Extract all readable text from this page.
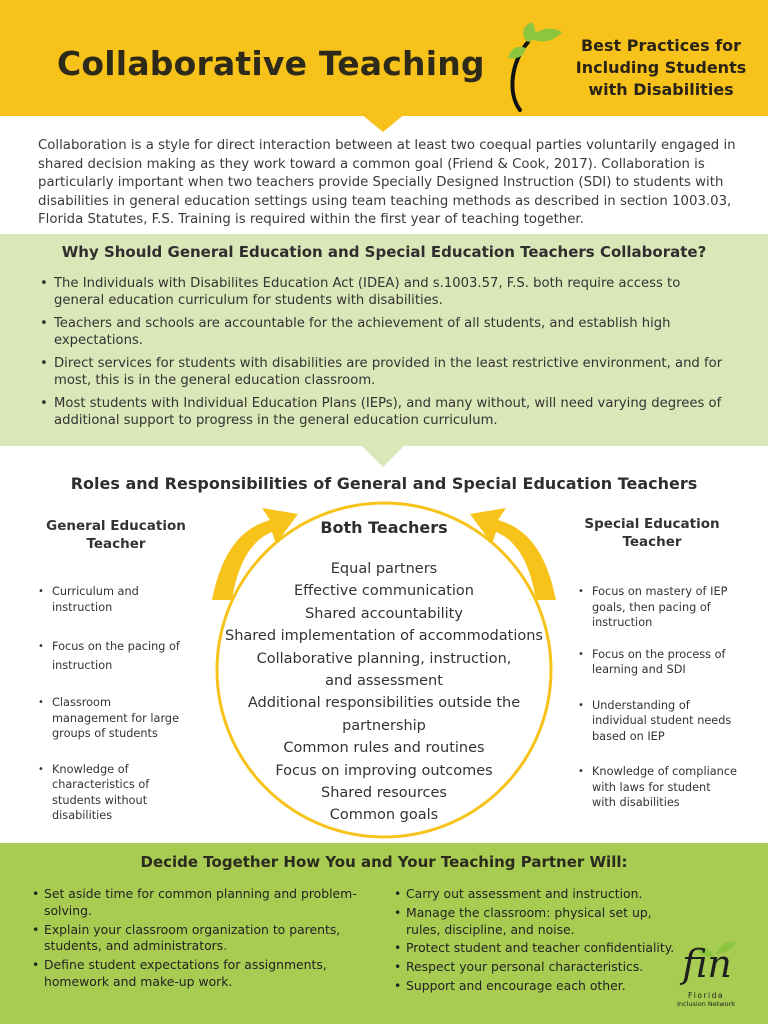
Collaborative Teaching	Best Practices for Including Students with Disabilities

Collaboration is a style for direct interaction between at least two coequal parties voluntarily engaged in shared decision making as they work toward a common goal (Friend & Cook, 2017). Collaboration is particularly important when two teachers provide Specially Designed Instruction (SDI) to students with disabilities in general education settings using team teaching methods as described in section 1003.03, Florida Statutes, F.S. Training is required within the first year of teaching together.

Why Should General Education and Special Education Teachers Collaborate?
• The Individuals with Disabilites Education Act (IDEA) and s.1003.57, F.S. both require access to general education curriculum for students with disabilities.
• Teachers and schools are accountable for the achievement of all students, and establish high expectations.
• Direct services for students with disabilities are provided in the least restrictive environment, and for most, this is in the general education classroom.
• Most students with Individual Education Plans (IEPs), and many without, will need varying degrees of additional support to progress in the general education curriculum.
Roles and Responsibilities of General and Special Education Teachers
General Education Teacher
• Curriculum and instruction
• Focus on the pacing of instruction
• Classroom management for large groups of students
• Knowledge of characteristics of students without disabilities
Both Teachers
Equal partners
Effective communication
Shared accountability
Shared implementation of accommodations
Collaborative planning, instruction, and assessment
Additional responsibilities outside the partnership
Common rules and routines
Focus on improving outcomes
Shared resources
Common goals
Special Education Teacher
• Focus on mastery of IEP goals, then pacing of instruction
• Focus on the process of learning and SDI
• Understanding of individual student needs based on IEP
• Knowledge of compliance with laws for student with disabilities
Decide Together How You and Your Teaching Partner Will:
• Set aside time for common planning and problem-solving.
• Explain your classroom organization to parents, students, and administrators.
• Define student expectations for assignments, homework and make-up work.
• Carry out assessment and instruction.
• Manage the classroom: physical set up, rules, discipline, and noise.
• Protect student and teacher confidentiality.
• Respect your personal characteristics.
• Support and encourage each other.	fin
Florida
Inclusion Network
